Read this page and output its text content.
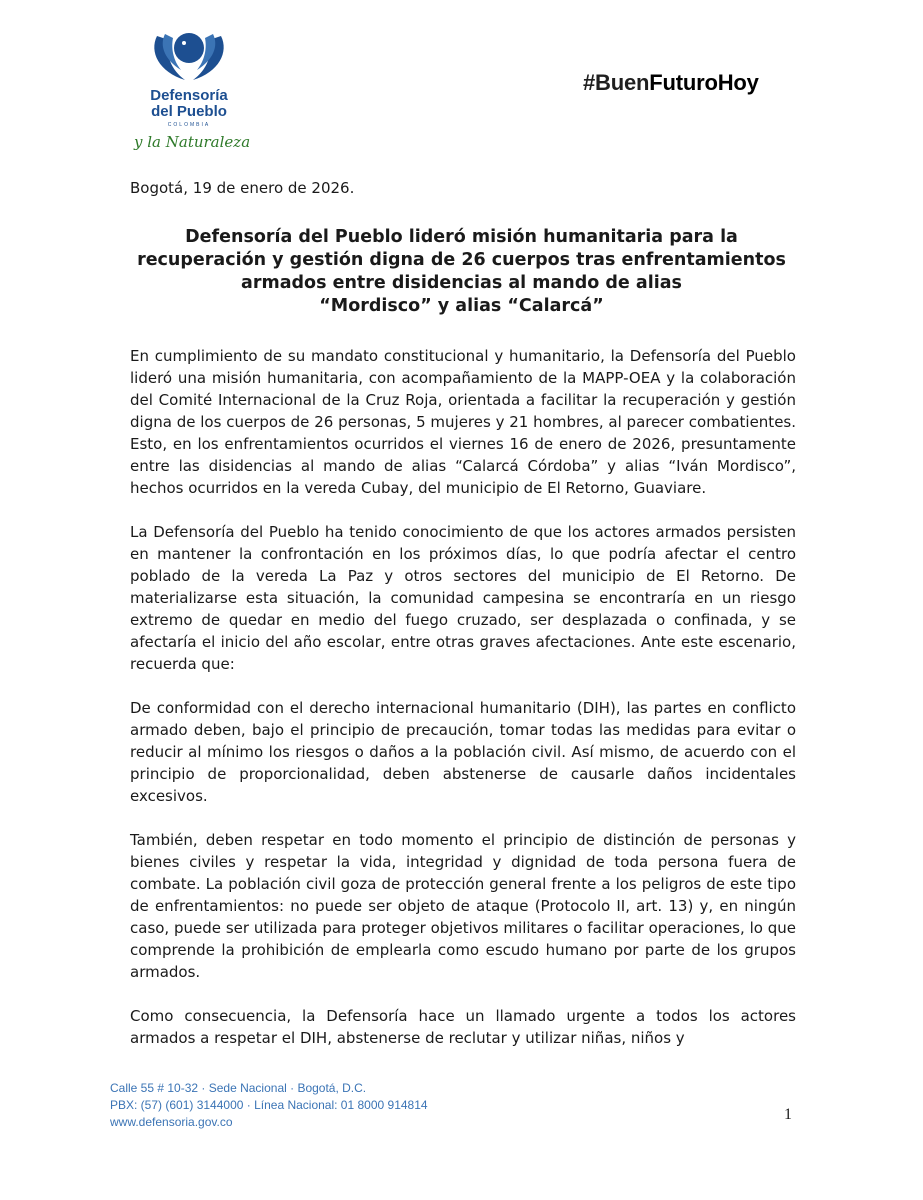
Defensoría
del Pueblo
COLOMBIA
y la Naturaleza
#BuenFuturoHoy
Bogotá, 19 de enero de 2026.
Defensoría del Pueblo lideró misión humanitaria para la
recuperación y gestión digna de 26 cuerpos tras enfrentamientos
armados entre disidencias al mando de alias
“Mordisco” y alias “Calarcá”

En cumplimiento de su mandato constitucional y humanitario, la Defensoría del Pueblo lideró una misión humanitaria, con acompañamiento de la MAPP-OEA y la colaboración del Comité Internacional de la Cruz Roja, orientada a facilitar la recuperación y gestión digna de los cuerpos de 26 personas, 5 mujeres y 21 hombres, al parecer combatientes. Esto, en los enfrentamientos ocurridos el viernes 16 de enero de 2026, presuntamente entre las disidencias al mando de alias “Calarcá Córdoba” y alias “Iván Mordisco”, hechos ocurridos en la vereda Cubay, del municipio de El Retorno, Guaviare.

La Defensoría del Pueblo ha tenido conocimiento de que los actores armados persisten en mantener la confrontación en los próximos días, lo que podría afectar el centro poblado de la vereda La Paz y otros sectores del municipio de El Retorno. De materializarse esta situación, la comunidad campesina se encontraría en un riesgo extremo de quedar en medio del fuego cruzado, ser desplazada o confinada, y se afectaría el inicio del año escolar, entre otras graves afectaciones. Ante este escenario, recuerda que:

De conformidad con el derecho internacional humanitario (DIH), las partes en conflicto armado deben, bajo el principio de precaución, tomar todas las medidas para evitar o reducir al mínimo los riesgos o daños a la población civil. Así mismo, de acuerdo con el principio de proporcionalidad, deben abstenerse de causarle daños incidentales excesivos.

También, deben respetar en todo momento el principio de distinción de personas y bienes civiles y respetar la vida, integridad y dignidad de toda persona fuera de combate. La población civil goza de protección general frente a los peligros de este tipo de enfrentamientos: no puede ser objeto de ataque (Protocolo II, art. 13) y, en ningún caso, puede ser utilizada para proteger objetivos militares o facilitar operaciones, lo que comprende la prohibición de emplearla como escudo humano por parte de los grupos armados.

Como consecuencia, la Defensoría hace un llamado urgente a todos los actores armados a respetar el DIH, abstenerse de reclutar y utilizar niñas, niños y

Calle 55 # 10-32 · Sede Nacional · Bogotá, D.C.
PBX: (57) (601) 3144000 · Línea Nacional: 01 8000 914814
www.defensoria.gov.co	1
